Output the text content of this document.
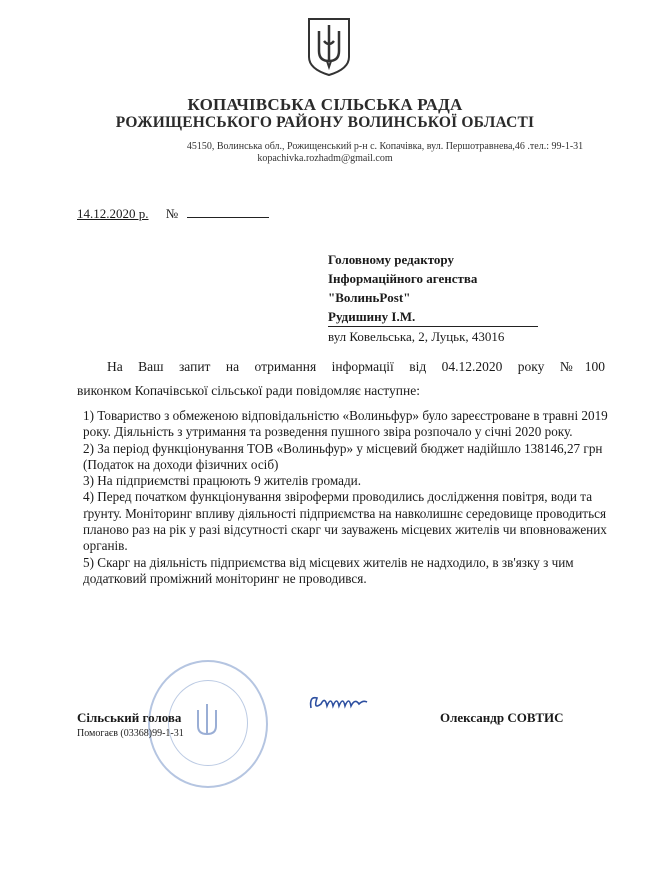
КОПАЧІВСЬКА СІЛЬСЬКА РАДА
РОЖИЩЕНСЬКОГО РАЙОНУ ВОЛИНСЬКОЇ ОБЛАСТІ
45150, Волинська обл., Рожищенський р-н с. Копачівка, вул. Першотравнева,46 .тел.: 99-1-31
kopachivka.rozhadm@gmail.com
14.12.2020 р. №
Головному редактору
Інформаційного агенства
"ВолиньPost"
Рудишину І.М.
вул Ковельська, 2, Луцьк, 43016
На Ваш запит на отримання інформації від 04.12.2020 року №100
виконком Копачівської сільської ради повідомляє наступне:

1) Товариство з обмеженою відповідальністю «Волиньфур» було зареєстроване в травні 2019 року. Діяльність з утримання та розведення пушного звіра розпочало у січні 2020 року.

2) За період функціонування ТОВ «Волиньфур» у місцевий бюджет надійшло 138146,27 грн (Податок на доходи фізичних осіб)

3) На підприємстві працюють 9 жителів громади.

4) Перед початком функціонування звіроферми проводились дослідження повітря, води та ґрунту. Моніторинг впливу діяльності підприємства на навколишнє середовище проводиться планово раз на рік у разі відсутності скарг чи зауважень місцевих жителів чи вповноважених органів.

5) Скарг на діяльність підприємства від місцевих жителів не надходило, в зв'язку з чим додатковий проміжний моніторинг не проводився.

Сільський голова
Помогаєв (03368)99-1-31
Олександр СОВТИС
